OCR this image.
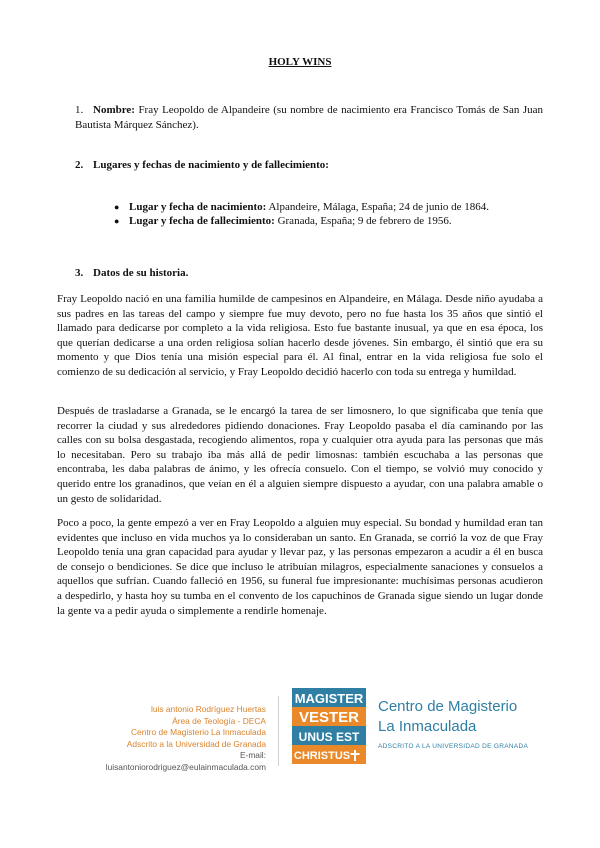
HOLY WINS
1. Nombre: Fray Leopoldo de Alpandeire (su nombre de nacimiento era Francisco Tomás de San Juan Bautista Márquez Sánchez).
2. Lugares y fechas de nacimiento y de fallecimiento:
● Lugar y fecha de nacimiento: Alpandeire, Málaga, España; 24 de junio de 1864.
● Lugar y fecha de fallecimiento: Granada, España; 9 de febrero de 1956.
3. Datos de su historia.
Fray Leopoldo nació en una familia humilde de campesinos en Alpandeire, en Málaga. Desde niño ayudaba a sus padres en las tareas del campo y siempre fue muy devoto, pero no fue hasta los 35 años que sintió el llamado para dedicarse por completo a la vida religiosa. Esto fue bastante inusual, ya que en esa época, los que querían dedicarse a una orden religiosa solían hacerlo desde jóvenes. Sin embargo, él sintió que era su momento y que Dios tenía una misión especial para él. Al final, entrar en la vida religiosa fue solo el comienzo de su dedicación al servicio, y Fray Leopoldo decidió hacerlo con toda su entrega y humildad.
Después de trasladarse a Granada, se le encargó la tarea de ser limosnero, lo que significaba que tenía que recorrer la ciudad y sus alrededores pidiendo donaciones. Fray Leopoldo pasaba el día caminando por las calles con su bolsa desgastada, recogiendo alimentos, ropa y cualquier otra ayuda para las personas que más lo necesitaban. Pero su trabajo iba más allá de pedir limosnas: también escuchaba a las personas que encontraba, les daba palabras de ánimo, y les ofrecía consuelo. Con el tiempo, se volvió muy conocido y querido entre los granadinos, que veían en él a alguien siempre dispuesto a ayudar, con una palabra amable o un gesto de solidaridad.
Poco a poco, la gente empezó a ver en Fray Leopoldo a alguien muy especial. Su bondad y humildad eran tan evidentes que incluso en vida muchos ya lo consideraban un santo. En Granada, se corrió la voz de que Fray Leopoldo tenía una gran capacidad para ayudar y llevar paz, y las personas empezaron a acudir a él en busca de consejo o bendiciones. Se dice que incluso le atribuían milagros, especialmente sanaciones y consuelos a aquellos que sufrían. Cuando falleció en 1956, su funeral fue impresionante: muchísimas personas acudieron a despedirlo, y hasta hoy su tumba en el convento de los capuchinos de Granada sigue siendo un lugar donde la gente va a pedir ayuda o simplemente a rendirle homenaje.
luis antonio Rodríguez Huertas
Área de Teología - DECA
Centro de Magisterio La Inmaculada
Adscrito a la Universidad de Granada
E-mail: luisantoniorodriguez@eulainmaculada.com
MAGISTER
VESTER
UNUS EST
CHRISTUS
Centro de Magisterio
La Inmaculada
ADSCRITO A LA UNIVERSIDAD DE GRANADA
